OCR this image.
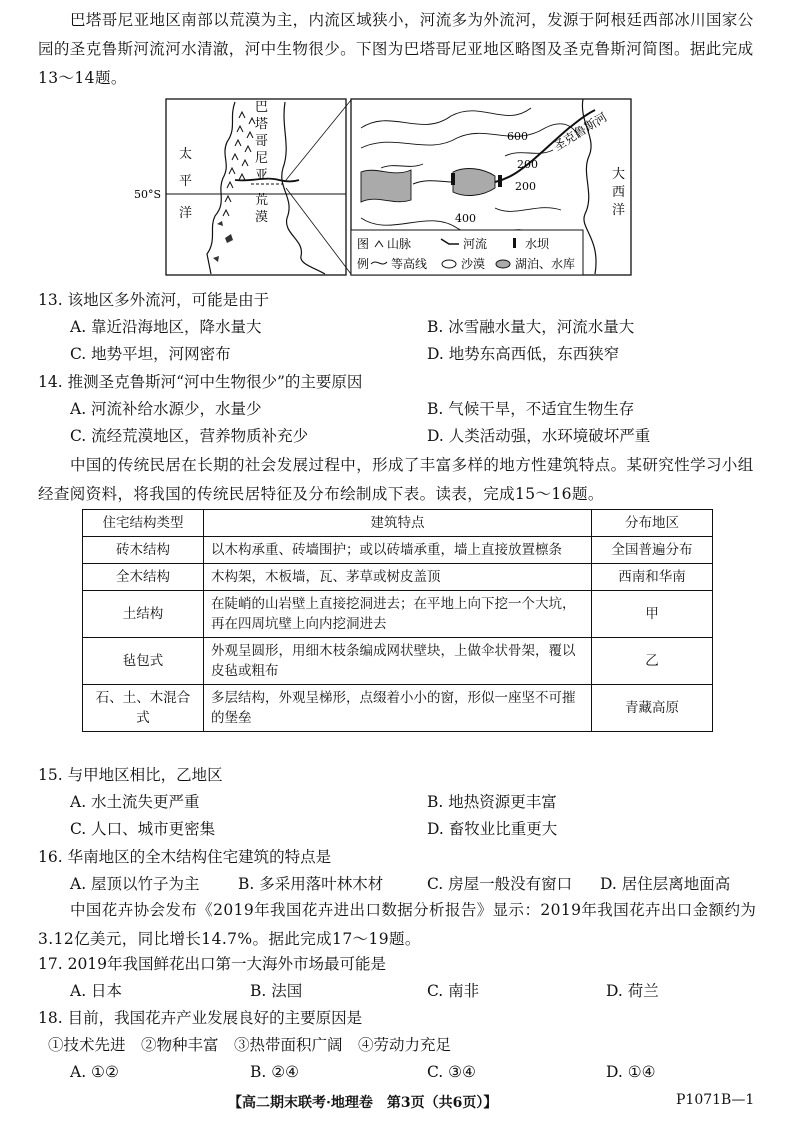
巴塔哥尼亚地区南部以荒漠为主，内流区域狭小，河流多为外流河，发源于阿根廷西部冰川国家公园的圣克鲁斯河流河水清澈，河中生物很少。下图为巴塔哥尼亚地区略图及圣克鲁斯河简图。据此完成13～14题。
50°S
太
平
洋
巴
塔
哥
尼
亚
荒
漠
圣克鲁斯河
600
200
200
400
大
西
洋
图
例
山脉	河流	水坝
等高线	沙漠 湖泊、水库
13. 该地区多外流河，可能是由于
A. 靠近沿海地区，降水量大	B. 冰雪融水量大，河流水量大
C. 地势平坦，河网密布	D. 地势东高西低，东西狭窄
14. 推测圣克鲁斯河“河中生物很少”的主要原因
A. 河流补给水源少，水量少	B. 气候干旱，不适宜生物生存
C. 流经荒漠地区，营养物质补充少	D. 人类活动强，水环境破坏严重
中国的传统民居在长期的社会发展过程中，形成了丰富多样的地方性建筑特点。某研究性学习小组经查阅资料，将我国的传统民居特征及分布绘制成下表。读表，完成15～16题。
住宅结构类型	建筑特点	分布地区
砖木结构	以木构承重、砖墙围护；或以砖墙承重，墙上直接放置檩条	全国普遍分布
全木结构	木构架，木板墙，瓦、茅草或树皮盖顶	西南和华南
土结构	在陡峭的山岩壁上直接挖洞进去；在平地上向下挖一个大坑，再在四周坑壁上向内挖洞进去	甲
毡包式	外观呈圆形，用细木枝条编成网状壁块，上做伞状骨架，覆以皮毡或粗布	乙
石、土、木混合式	多层结构，外观呈梯形，点缀着小小的窗，形似一座坚不可摧的堡垒	青藏高原
15. 与甲地区相比，乙地区
A. 水土流失更严重	B. 地热资源更丰富
C. 人口、城市更密集	D. 畜牧业比重更大
16. 华南地区的全木结构住宅建筑的特点是
A. 屋顶以竹子为主 B. 多采用落叶林木材	C. 房屋一般没有窗口 D. 居住层离地面高
中国花卉协会发布《2019年我国花卉进出口数据分析报告》显示：2019年我国花卉出口金额约为3.12亿美元，同比增长14.7%。据此完成17～19题。
17. 2019年我国鲜花出口第一大海外市场最可能是
A. 日本	B. 法国	C. 南非	D. 荷兰
18. 目前，我国花卉产业发展良好的主要原因是
①技术先进　②物种丰富　③热带面积广阔　④劳动力充足
A. ①②	B. ②④	C. ③④	D. ①④
【高二期末联考·地理卷　第3页（共6页）】	P1071B—1
